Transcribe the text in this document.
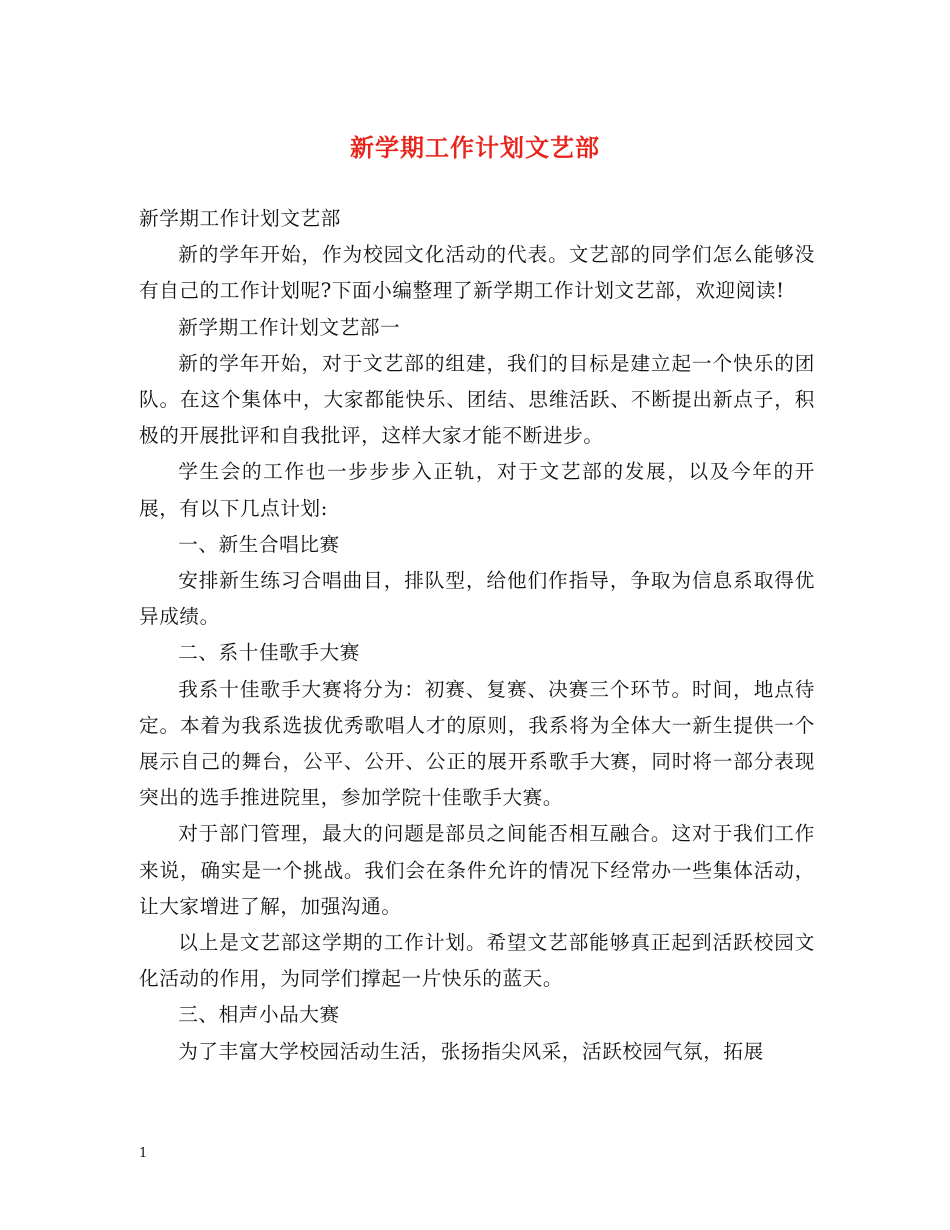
新学期工作计划文艺部

新学期工作计划文艺部

新的学年开始，作为校园文化活动的代表。文艺部的同学们怎么能够没有自己的工作计划呢?下面小编整理了新学期工作计划文艺部，欢迎阅读!

新学期工作计划文艺部一

新的学年开始，对于文艺部的组建，我们的目标是建立起一个快乐的团队。在这个集体中，大家都能快乐、团结、思维活跃、不断提出新点子，积极的开展批评和自我批评，这样大家才能不断进步。

学生会的工作也一步步步入正轨，对于文艺部的发展，以及今年的开展，有以下几点计划:

一、新生合唱比赛

安排新生练习合唱曲目，排队型，给他们作指导，争取为信息系取得优异成绩。

二、系十佳歌手大赛

我系十佳歌手大赛将分为：初赛、复赛、决赛三个环节。时间，地点待定。本着为我系选拔优秀歌唱人才的原则，我系将为全体大一新生提供一个展示自己的舞台，公平、公开、公正的展开系歌手大赛，同时将一部分表现突出的选手推进院里，参加学院十佳歌手大赛。

对于部门管理，最大的问题是部员之间能否相互融合。这对于我们工作来说，确实是一个挑战。我们会在条件允许的情况下经常办一些集体活动，让大家增进了解，加强沟通。

以上是文艺部这学期的工作计划。希望文艺部能够真正起到活跃校园文化活动的作用，为同学们撑起一片快乐的蓝天。

三、相声小品大赛

为了丰富大学校园活动生活，张扬指尖风采，活跃校园气氛，拓展

1
